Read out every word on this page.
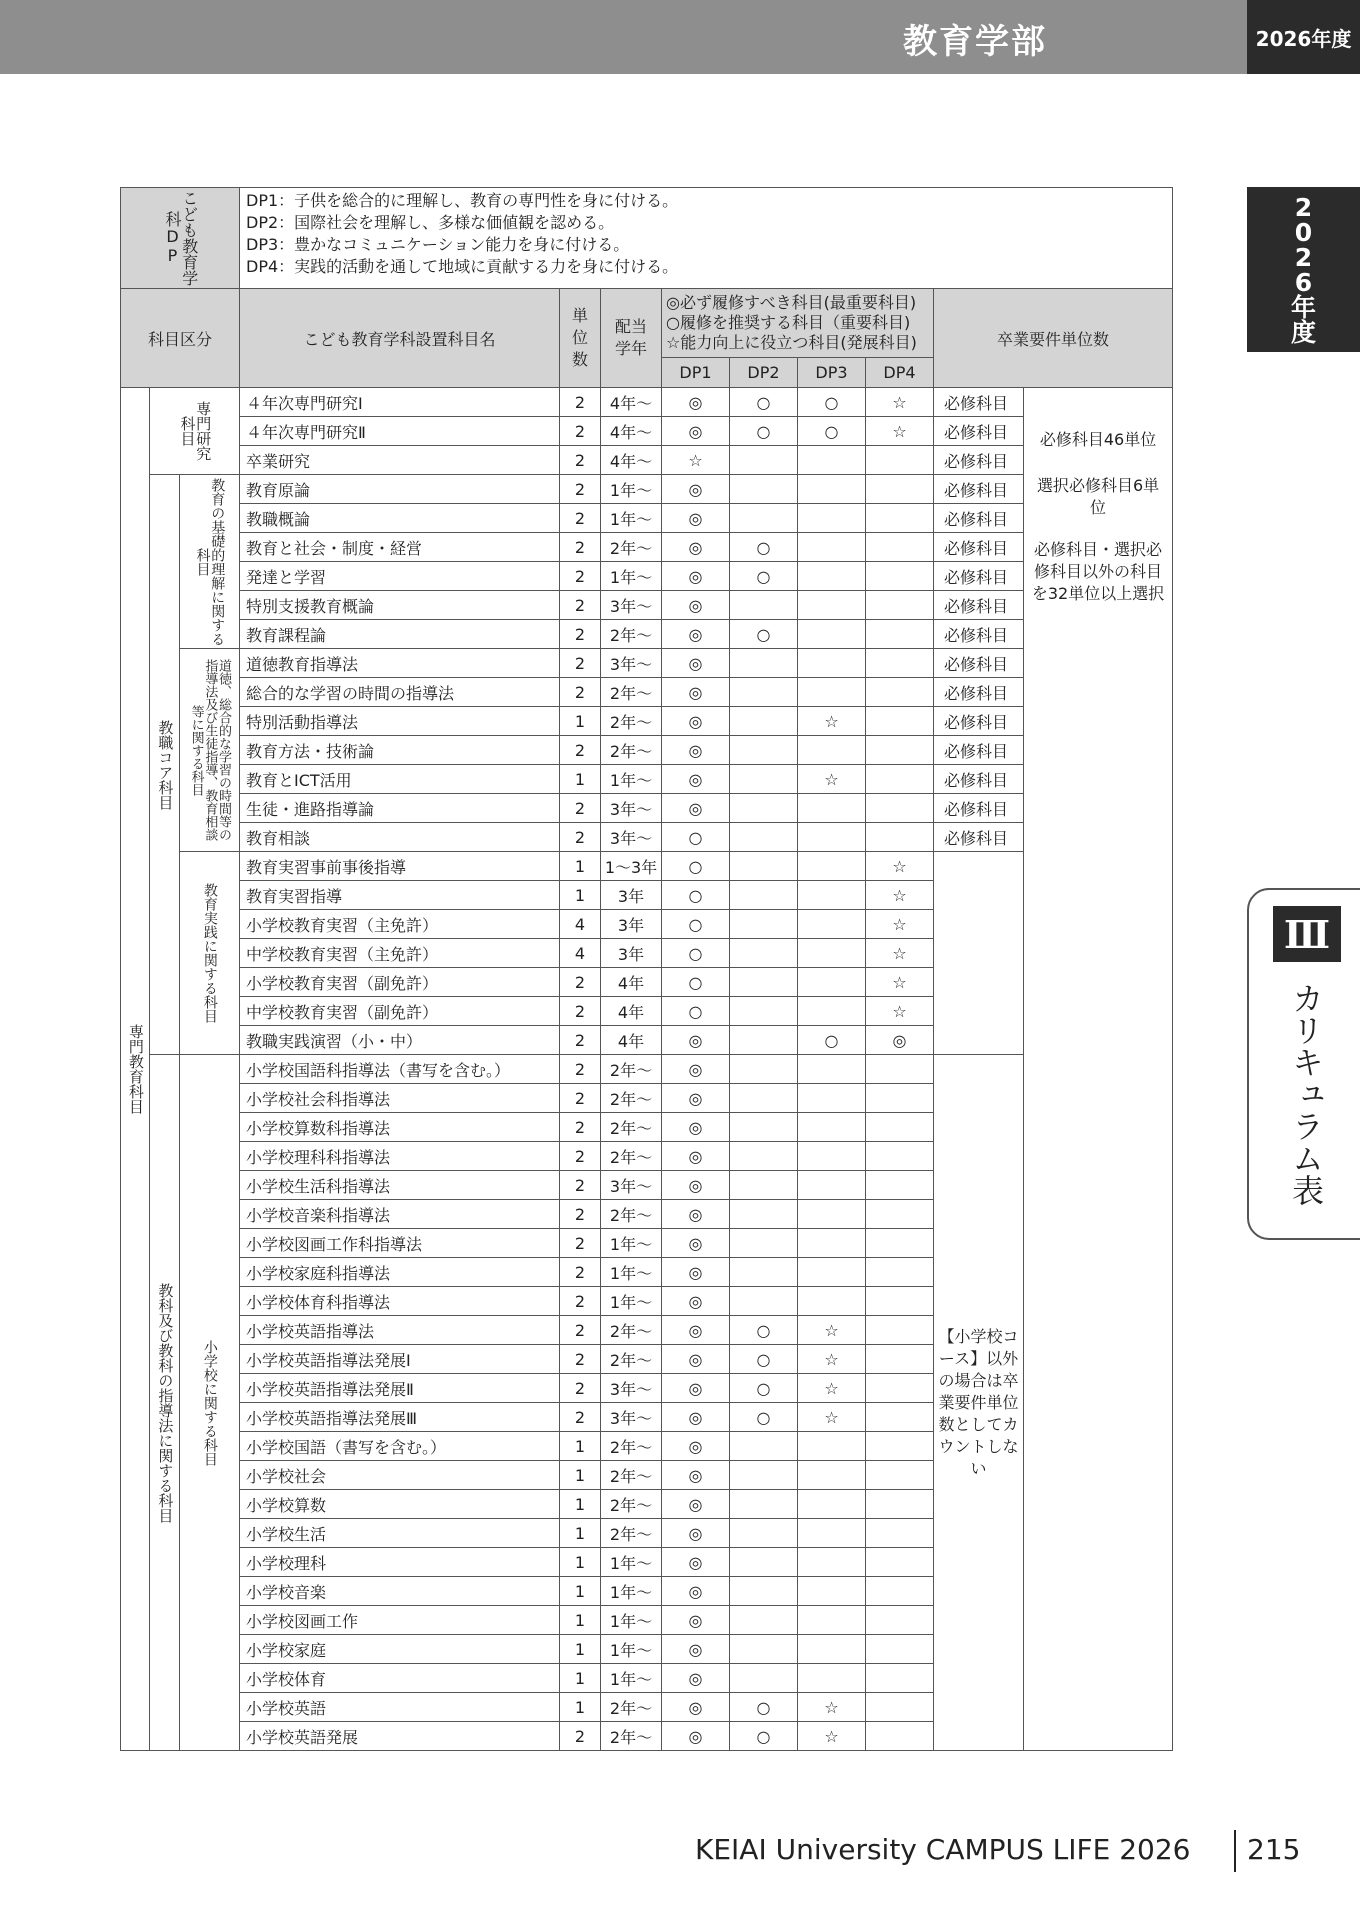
教育学部	2026年度
2
0
2
6
年
度
Ⅲ
カリキュラム表
こども教育学科DP			DP1：子供を総合的に理解し、教育の専門性を身に付ける。
DP2：国際社会を理解し、多様な価値観を認める。
DP3：豊かなコミュニケーション能力を身に付ける。
DP4：実践的活動を通して地域に貢献する力を身に付ける。								

科目区分			こども教育学科設置科目名	単位数	配当学年	◎必ず履修すべき科目(最重要科目)
○履修を推奨する科目（重要科目)
☆能力向上に役立つ科目(発展科目)				卒業要件単位数	
						DP1	DP2	DP3	DP4		

専門教育科目	専門研究科目		４年次専門研究Ⅰ	2	4年〜	◎	○	○	☆	必修科目	必修科目46単位
選択必修科目6単位
必修科目・選択必修科目以外の科目を32単位以上選択

			４年次専門研究Ⅱ	2	4年〜	◎	○	○	☆	必修科目	
			卒業研究	2	4年〜	☆				必修科目	

	教職コア科目	教育の基礎的理解に関する科目	教育原論	2	1年〜	◎				必修科目	
			教職概論	2	1年〜	◎				必修科目	
			教育と社会・制度・経営	2	2年〜	◎	○			必修科目	
			発達と学習	2	1年〜	◎	○			必修科目	
			特別支援教育概論	2	3年〜	◎				必修科目	
			教育課程論	2	2年〜	◎	○			必修科目	

		道徳、総合的な学習の時間等の指導法及び生徒指導、教育相談等に関する科目	道徳教育指導法	2	3年〜	◎				必修科目	
			総合的な学習の時間の指導法	2	2年〜	◎				必修科目	
			特別活動指導法	1	2年〜	◎		☆		必修科目	
			教育方法・技術論	2	2年〜	◎				必修科目	
			教育とICT活用	1	1年〜	◎		☆		必修科目	
			生徒・進路指導論	2	3年〜	◎				必修科目	
			教育相談	2	3年〜	○				必修科目	

		教育実践に関する科目	教育実習事前事後指導	1	1〜3年	○			☆		
			教育実習指導	1	3年	○			☆		
			小学校教育実習（主免許）	4	3年	○			☆		
			中学校教育実習（主免許）	4	3年	○			☆		
			小学校教育実習（副免許）	2	4年	○			☆		
			中学校教育実習（副免許）	2	4年	○			☆		
			教職実践演習（小・中）	2	4年	◎		○	◎		

	教科及び教科の指導法に関する科目	小学校に関する科目	小学校国語科指導法（書写を含む。）	2	2年〜	◎				【小学校コース】以外の場合は卒業要件単位数としてカウントしない	

			小学校社会科指導法	2	2年〜	◎					
			小学校算数科指導法	2	2年〜	◎					
			小学校理科科指導法	2	2年〜	◎					
			小学校生活科指導法	2	3年〜	◎					
			小学校音楽科指導法	2	2年〜	◎					
			小学校図画工作科指導法	2	1年〜	◎					
			小学校家庭科指導法	2	1年〜	◎					
			小学校体育科指導法	2	1年〜	◎					
			小学校英語指導法	2	2年〜	◎	○	☆			
			小学校英語指導法発展Ⅰ	2	2年〜	◎	○	☆			
			小学校英語指導法発展Ⅱ	2	3年〜	◎	○	☆			
			小学校英語指導法発展Ⅲ	2	3年〜	◎	○	☆			
			小学校国語（書写を含む。）	1	2年〜	◎					
			小学校社会	1	2年〜	◎					
			小学校算数	1	2年〜	◎					
			小学校生活	1	2年〜	◎					
			小学校理科	1	1年〜	◎					
			小学校音楽	1	1年〜	◎					
			小学校図画工作	1	1年〜	◎					
			小学校家庭	1	1年〜	◎					
			小学校体育	1	1年〜	◎					
			小学校英語	1	2年〜	◎	○	☆			
			小学校英語発展	2	2年〜	◎	○	☆			
KEIAI University CAMPUS LIFE 2026 215
